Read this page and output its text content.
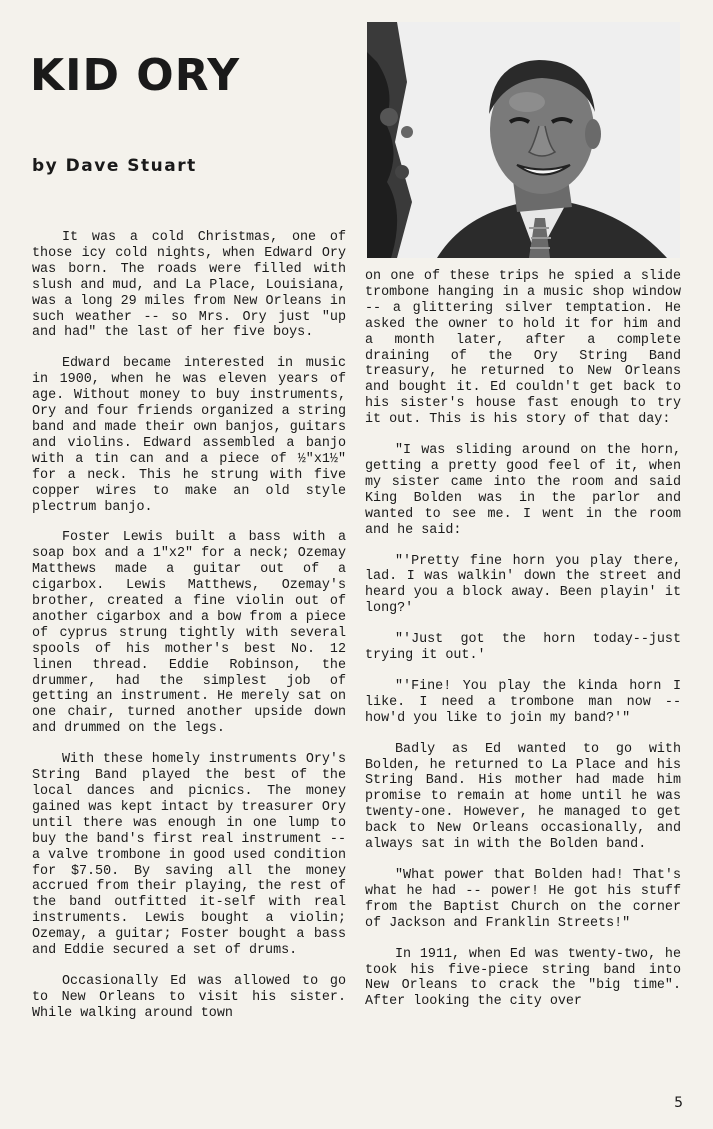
KID ORY
by Dave Stuart

It was a cold Christmas, one of those icy cold nights, when Edward Ory was born. The roads were filled with slush and mud, and La Place, Louisiana, was a long 29 miles from New Orleans in such weather -- so Mrs. Ory just "up and had" the last of her five boys.

Edward became interested in music in 1900, when he was eleven years of age. Without money to buy instruments, Ory and four friends organized a string band and made their own banjos, guitars and violins. Edward assembled a banjo with a tin can and a piece of ½"x1½" for a neck. This he strung with five copper wires to make an old style plectrum banjo.

Foster Lewis built a bass with a soap box and a 1"x2" for a neck; Ozemay Matthews made a guitar out of a cigarbox. Lewis Matthews, Ozemay's brother, created a fine violin out of another cigarbox and a bow from a piece of cyprus strung tightly with several spools of his mother's best No. 12 linen thread. Eddie Robinson, the drummer, had the simplest job of getting an instrument. He merely sat on one chair, turned another upside down and drummed on the legs.

With these homely instruments Ory's String Band played the best of the local dances and picnics. The money gained was kept intact by treasurer Ory until there was enough in one lump to buy the band's first real instrument -- a valve trombone in good used condition for $7.50. By saving all the money accrued from their playing, the rest of the band outfitted it-self with real instruments. Lewis bought a violin; Ozemay, a guitar; Foster bought a bass and Eddie secured a set of drums.

Occasionally Ed was allowed to go to New Orleans to visit his sister. While walking around town

on one of these trips he spied a slide trombone hanging in a music shop window -- a glittering silver temptation. He asked the owner to hold it for him and a month later, after a complete draining of the Ory String Band treasury, he returned to New Orleans and bought it. Ed couldn't get back to his sister's house fast enough to try it out. This is his story of that day:

"I was sliding around on the horn, getting a pretty good feel of it, when my sister came into the room and said King Bolden was in the parlor and wanted to see me. I went in the room and he said:

"'Pretty fine horn you play there, lad. I was walkin' down the street and heard you a block away. Been playin' it long?'

"'Just got the horn today--just trying it out.'

"'Fine! You play the kinda horn I like. I need a trombone man now -- how'd you like to join my band?'"

Badly as Ed wanted to go with Bolden, he returned to La Place and his String Band. His mother had made him promise to remain at home until he was twenty-one. However, he managed to get back to New Orleans occasionally, and always sat in with the Bolden band.

"What power that Bolden had! That's what he had -- power! He got his stuff from the Baptist Church on the corner of Jackson and Franklin Streets!"

In 1911, when Ed was twenty-two, he took his five-piece string band into New Orleans to crack the "big time". After looking the city over

5
